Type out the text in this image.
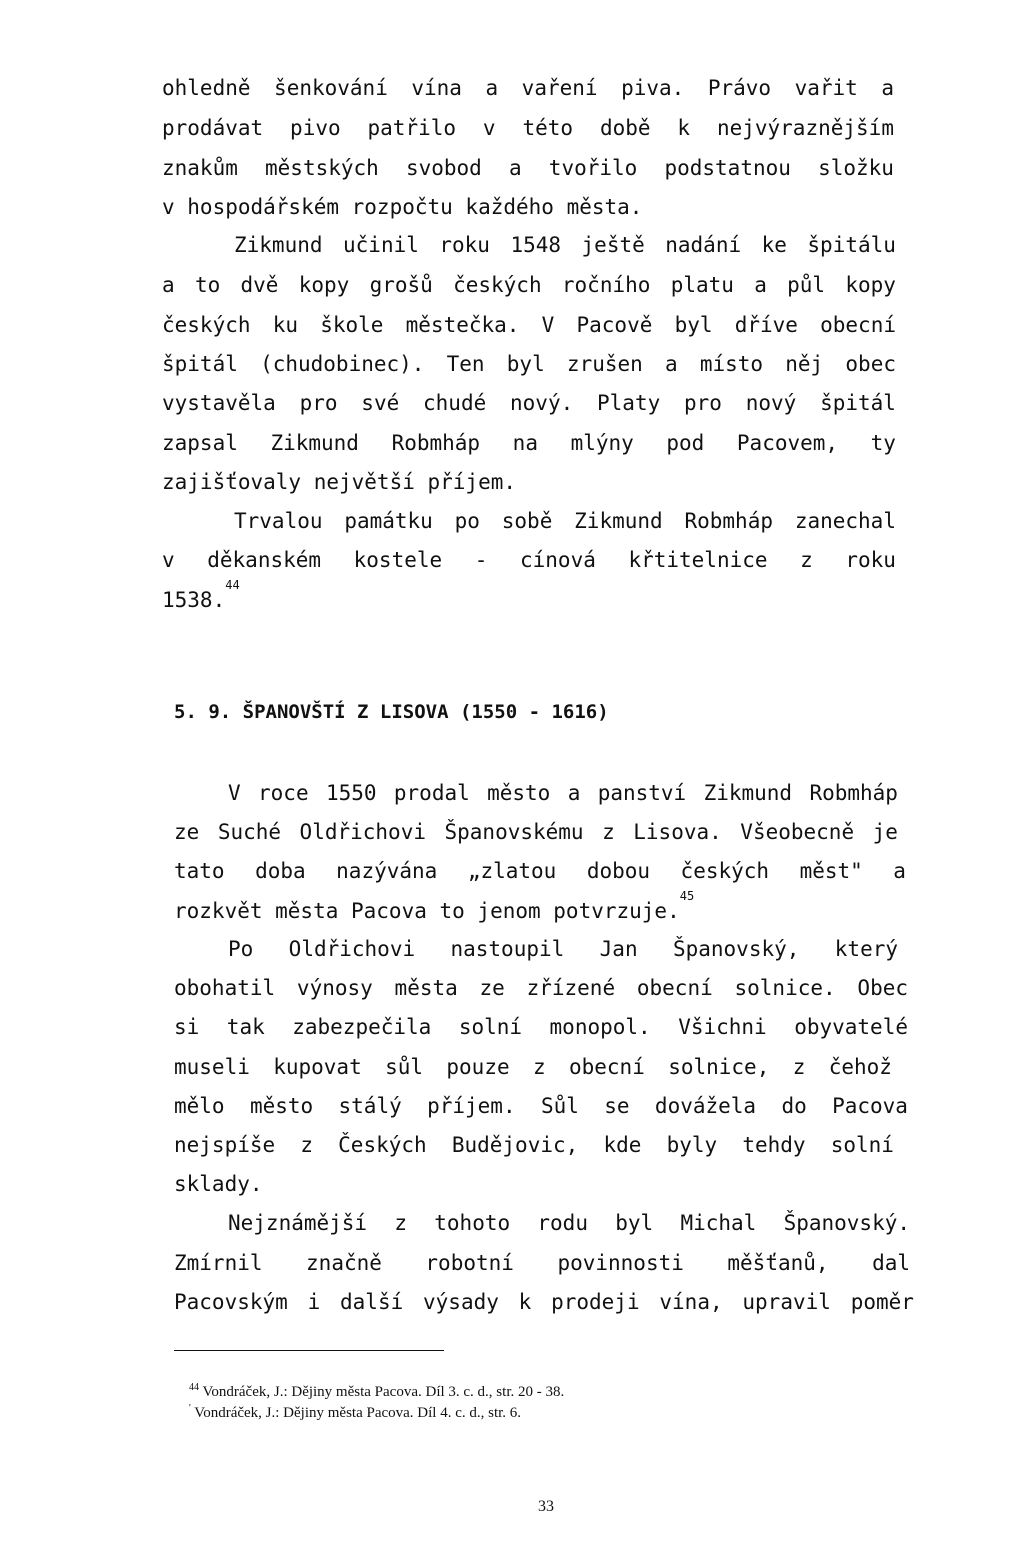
ohledně šenkování vína a vaření piva. Právo vařit a

prodávat pivo patřilo v této době k nejvýraznějším

znakům městských svobod a tvořilo podstatnou složku

v hospodářském rozpočtu každého města.

Zikmund učinil roku 1548 ještě nadání ke špitálu

a to dvě kopy grošů českých ročního platu a půl kopy

českých ku škole městečka. V Pacově byl dříve obecní

špitál (chudobinec). Ten byl zrušen a místo něj obec

vystavěla pro své chudé nový. Platy pro nový špitál

zapsal Zikmund Robmháp na mlýny pod Pacovem, ty

zajišťovaly největší příjem.

Trvalou památku po sobě Zikmund Robmháp zanechal

v děkanském kostele - cínová křtitelnice z roku

1538.
44

5. 9. ŠPANOVŠTÍ Z LISOVA (1550 - 1616)

V roce 1550 prodal město a panství Zikmund Robmháp

ze Suché Oldřichovi Španovskému z Lisova. Všeobecně je

tato doba nazývána „zlatou dobou českých měst" a

rozkvět města Pacova to jenom potvrzuje.
45

Po Oldřichovi nastoupil Jan Španovský, který

obohatil výnosy města ze zřízené obecní solnice. Obec

si tak zabezpečila solní monopol. Všichni obyvatelé

museli kupovat sůl pouze z obecní solnice, z čehož

mělo město stálý příjem. Sůl se dovážela do Pacova

nejspíše z Českých Budějovic, kde byly tehdy solní

sklady.

Nejznámější z tohoto rodu byl Michal Španovský.

Zmírnil značně robotní povinnosti měšťanů, dal

Pacovským i další výsady k prodeji vína, upravil poměr

$^{44}$ Vondráček, J.: Dějiny města Pacova. Díl 3. c. d., str. 20 - 38.

' Vondráček, J.: Dějiny města Pacova. Díl 4. c. d., str. 6.

33
